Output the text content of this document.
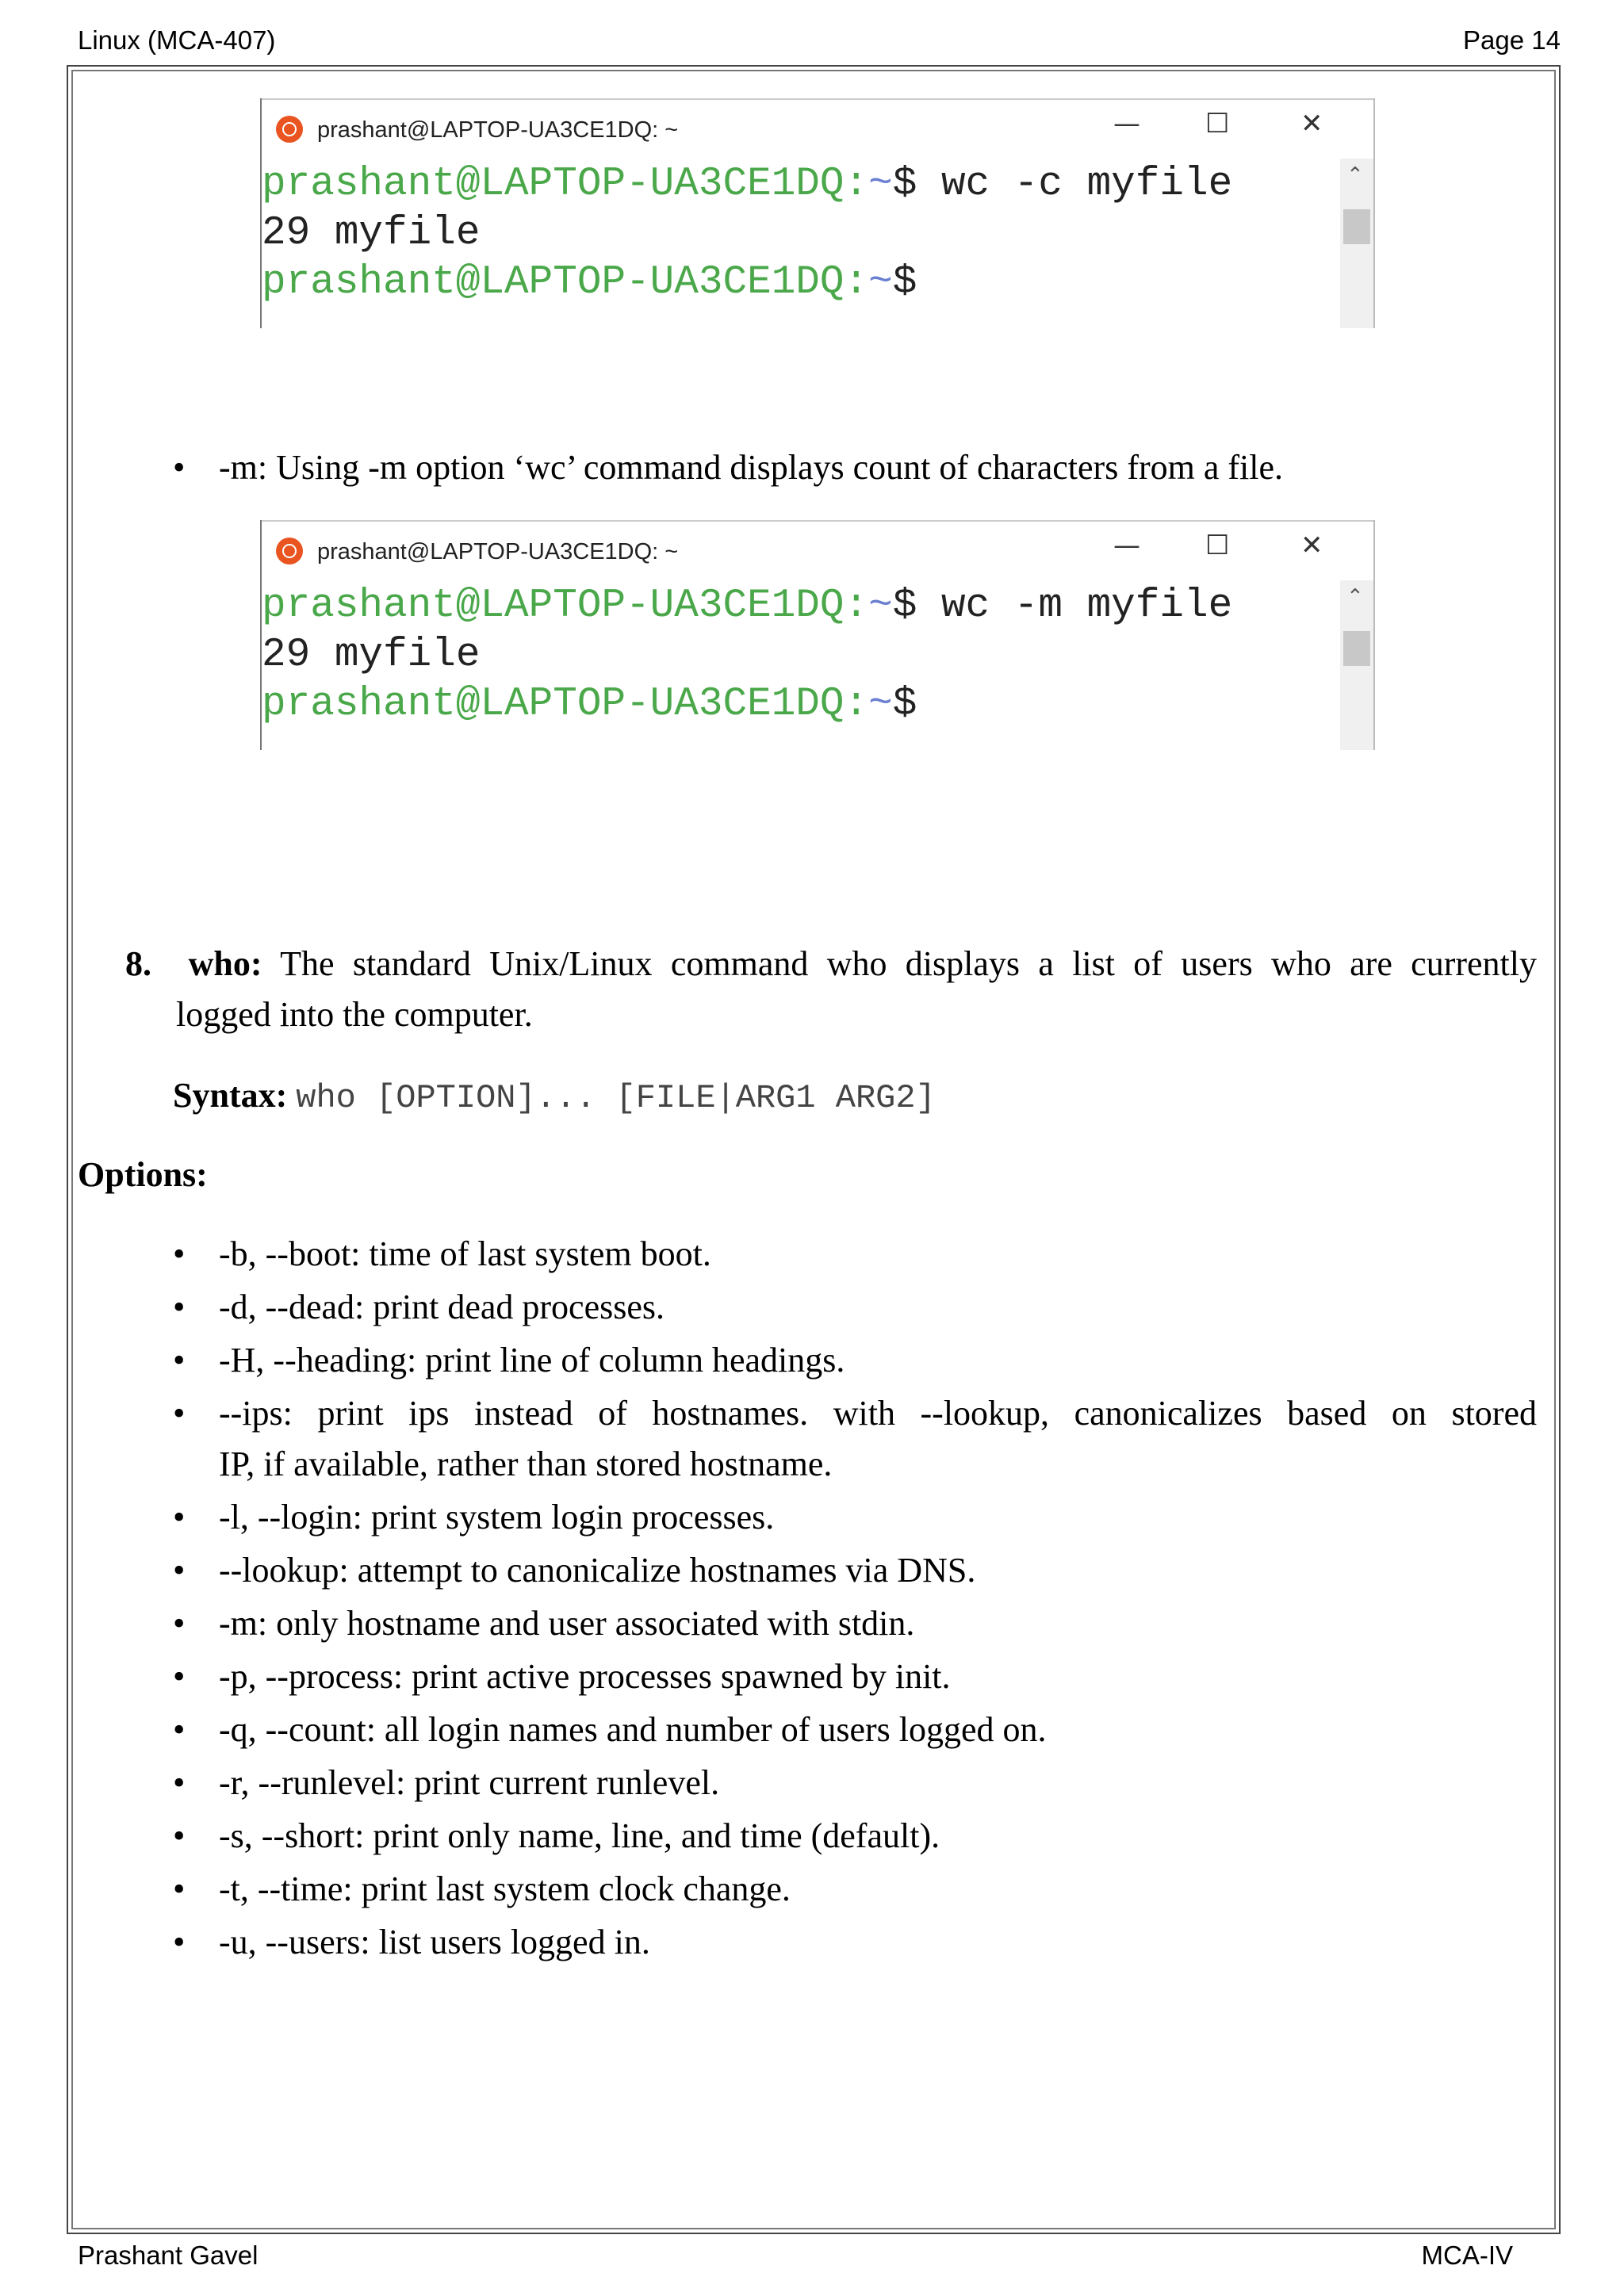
Linux (MCA-407)	Page 14
prashant@LAPTOP-UA3CE1DQ: ~	— ☐	✕
prashant@LAPTOP-UA3CE1DQ:~$ wc -c myfile
29 myfile
prashant@LAPTOP-UA3CE1DQ:~$
⌃
• -m: Using -m option ‘wc’ command displays count of characters from a file.
prashant@LAPTOP-UA3CE1DQ: ~	— ☐	✕
prashant@LAPTOP-UA3CE1DQ:~$ wc -m myfile
29 myfile
prashant@LAPTOP-UA3CE1DQ:~$
⌃
8. who: The standard Unix/Linux command who displays a list of users who are currently
logged into the computer.
Syntax: who [OPTION]... [FILE|ARG1 ARG2]
Options:
• -b, --boot: time of last system boot.
• -d, --dead: print dead processes.
• -H, --heading: print line of column headings.
• --ips: print ips instead of hostnames. with --lookup, canonicalizes based on stored
IP, if available, rather than stored hostname.
• -l, --login: print system login processes.
• --lookup: attempt to canonicalize hostnames via DNS.
• -m: only hostname and user associated with stdin.
• -p, --process: print active processes spawned by init.
• -q, --count: all login names and number of users logged on.
• -r, --runlevel: print current runlevel.
• -s, --short: print only name, line, and time (default).
• -t, --time: print last system clock change.
• -u, --users: list users logged in.
Prashant Gavel	MCA-IV
